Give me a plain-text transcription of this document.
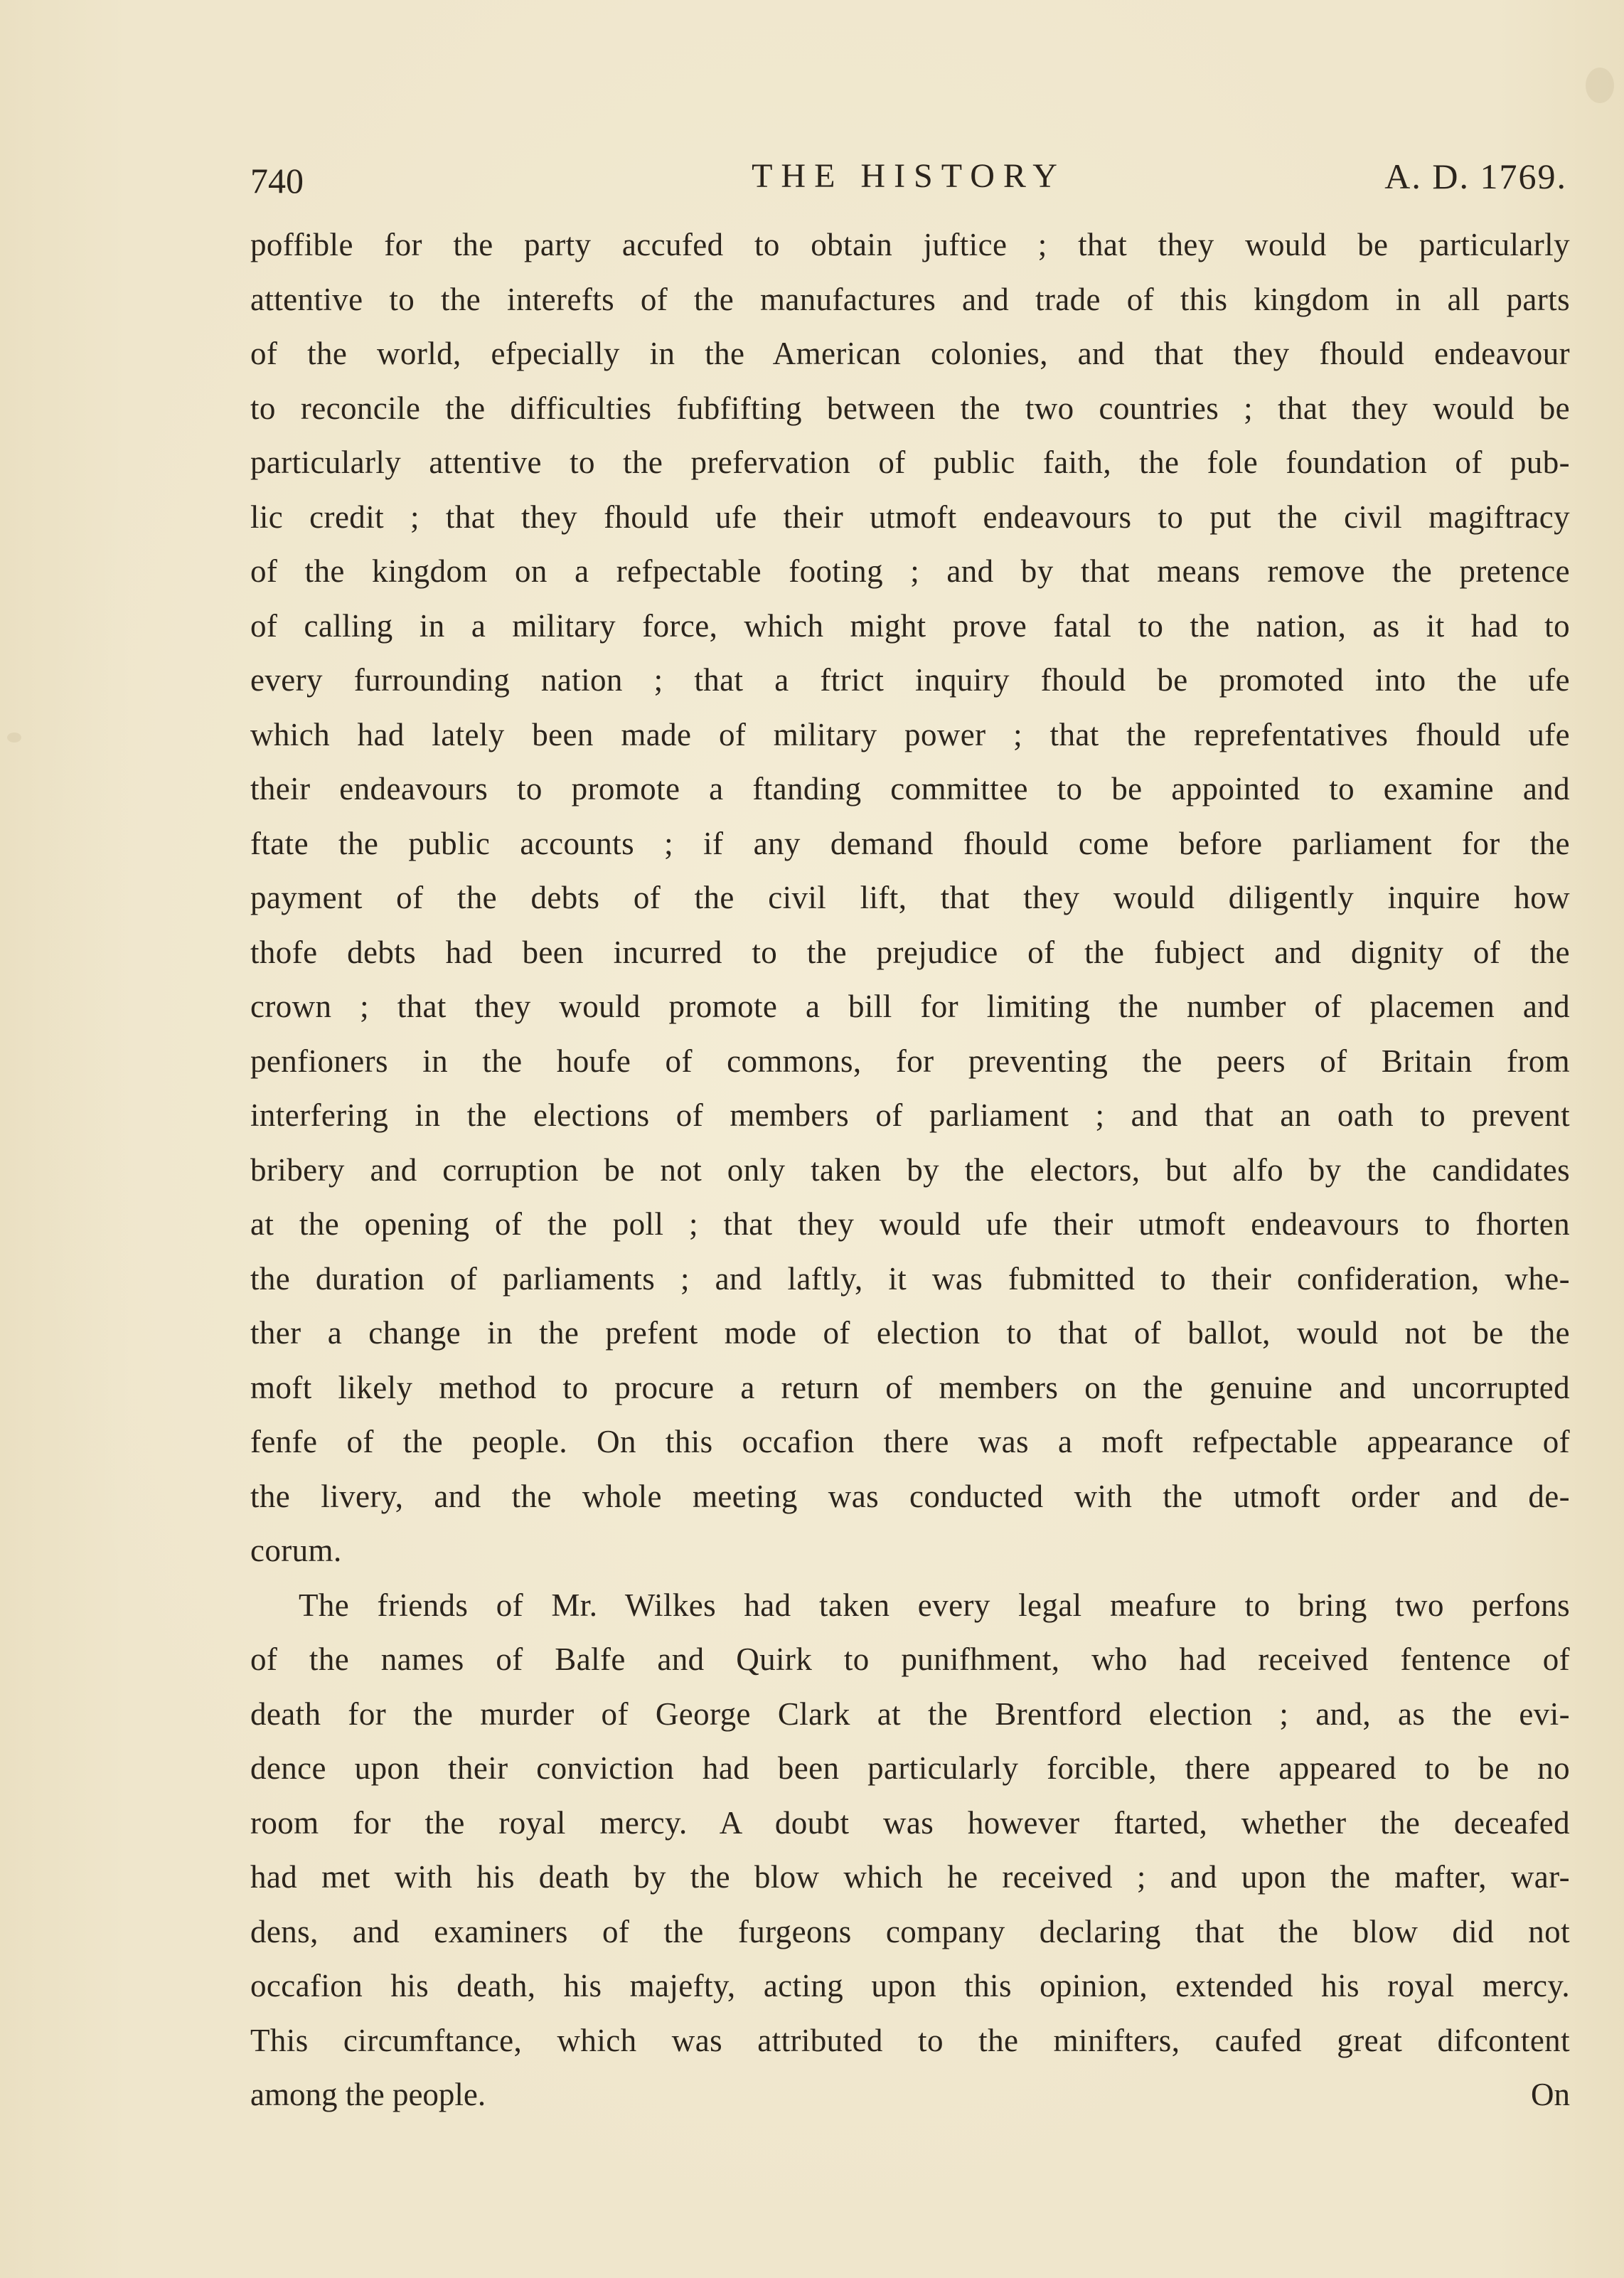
740	THE HISTORY	A. D. 1769.
poffible for the party accufed to obtain juftice ; that they would be particularly
attentive to the interefts of the manufactures and trade of this kingdom in all parts
of the world, efpecially in the American colonies, and that they fhould endeavour
to reconcile the difficulties fubfifting between the two countries ; that they would be
particularly attentive to the prefervation of public faith, the fole foundation of pub-
lic credit ; that they fhould ufe their utmoft endeavours to put the civil magiftracy
of the kingdom on a refpectable footing ; and by that means remove the pretence
of calling in a military force, which might prove fatal to the nation, as it had to
every furrounding nation ; that a ftrict inquiry fhould be promoted into the ufe
which had lately been made of military power ; that the reprefentatives fhould ufe
their endeavours to promote a ftanding committee to be appointed to examine and
ftate the public accounts ; if any demand fhould come before parliament for the
payment of the debts of the civil lift, that they would diligently inquire how
thofe debts had been incurred to the prejudice of the fubject and dignity of the
crown ; that they would promote a bill for limiting the number of placemen and
penfioners in the houfe of commons, for preventing the peers of Britain from
interfering in the elections of members of parliament ; and that an oath to prevent
bribery and corruption be not only taken by the electors, but alfo by the candidates
at the opening of the poll ; that they would ufe their utmoft endeavours to fhorten
the duration of parliaments ; and laftly, it was fubmitted to their confideration, whe-
ther a change in the prefent mode of election to that of ballot, would not be the
moft likely method to procure a return of members on the genuine and uncorrupted
fenfe of the people. On this occafion there was a moft refpectable appearance of
the livery, and the whole meeting was conducted with the utmoft order and de-
corum.
The friends of Mr. Wilkes had taken every legal meafure to bring two perfons
of the names of Balfe and Quirk to punifhment, who had received fentence of
death for the murder of George Clark at the Brentford election ; and, as the evi-
dence upon their conviction had been particularly forcible, there appeared to be no
room for the royal mercy. A doubt was however ftarted, whether the deceafed
had met with his death by the blow which he received ; and upon the mafter, war-
dens, and examiners of the furgeons company declaring that the blow did not
occafion his death, his majefty, acting upon this opinion, extended his royal mercy.
This circumftance, which was attributed to the minifters, caufed great difcontent
among the people.	On
